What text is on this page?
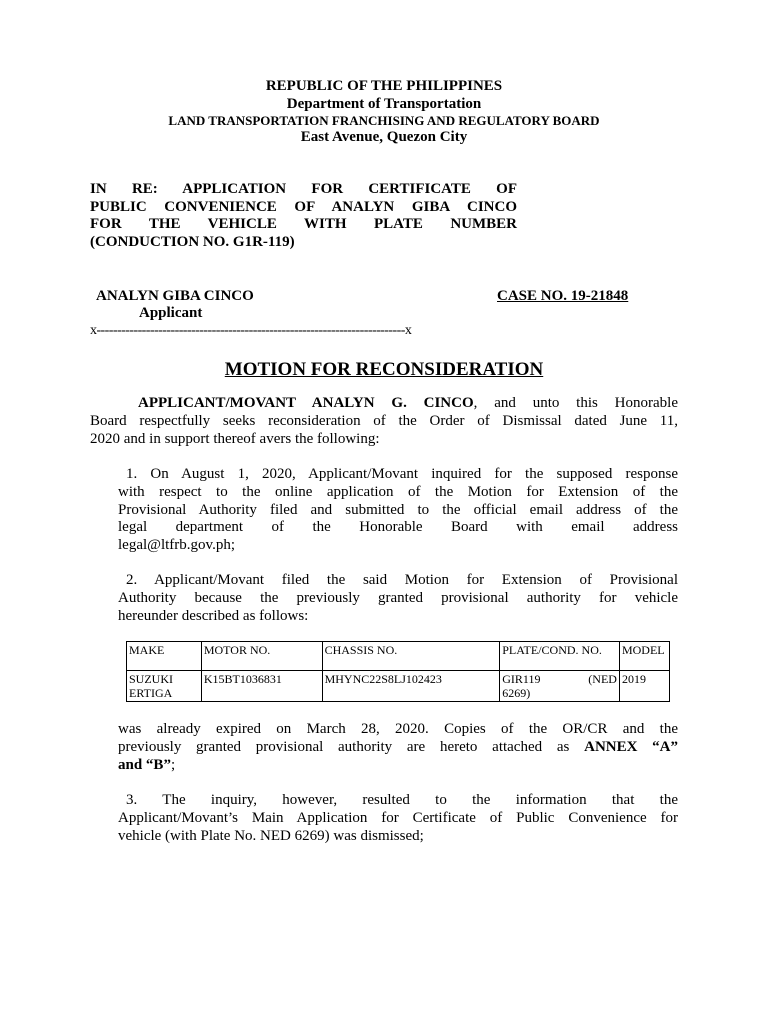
REPUBLIC OF THE PHILIPPINES
Department of Transportation
LAND TRANSPORTATION FRANCHISING AND REGULATORY BOARD
East Avenue, Quezon City
IN RE: APPLICATION FOR CERTIFICATE OF
PUBLIC CONVENIENCE OF ANALYN GIBA CINCO
FOR THE VEHICLE WITH PLATE NUMBER
(CONDUCTION NO. G1R-119)
ANALYN GIBA CINCO	CASE NO. 19-21848
Applicant
x---------------------------------------------------------------------------x
MOTION FOR RECONSIDERATION
APPLICANT/MOVANT ANALYN G. CINCO, and unto this Honorable
Board respectfully seeks reconsideration of the Order of Dismissal dated June 11,
2020 and in support thereof avers the following:
1. On August 1, 2020, Applicant/Movant inquired for the supposed response
with respect to the online application of the Motion for Extension of the
Provisional Authority filed and submitted to the official email address of the
legal department of the Honorable Board with email address
legal@ltfrb.gov.ph;
2. Applicant/Movant filed the said Motion for Extension of Provisional
Authority because the previously granted provisional authority for vehicle
hereunder described as follows:
MAKE	MOTOR NO.	CHASSIS NO.	PLATE/COND. NO.	MODEL
SUZUKI ERTIGA	K15BT1036831	MHYNC22S8LJ102423	GIR119 (NED
6269)	2019
was already expired on March 28, 2020. Copies of the OR/CR and the
previously granted provisional authority are hereto attached as ANNEX “A”
and “B”;
3. The inquiry, however, resulted to the information that the
Applicant/Movant’s Main Application for Certificate of Public Convenience for
vehicle (with Plate No. NED 6269) was dismissed;
